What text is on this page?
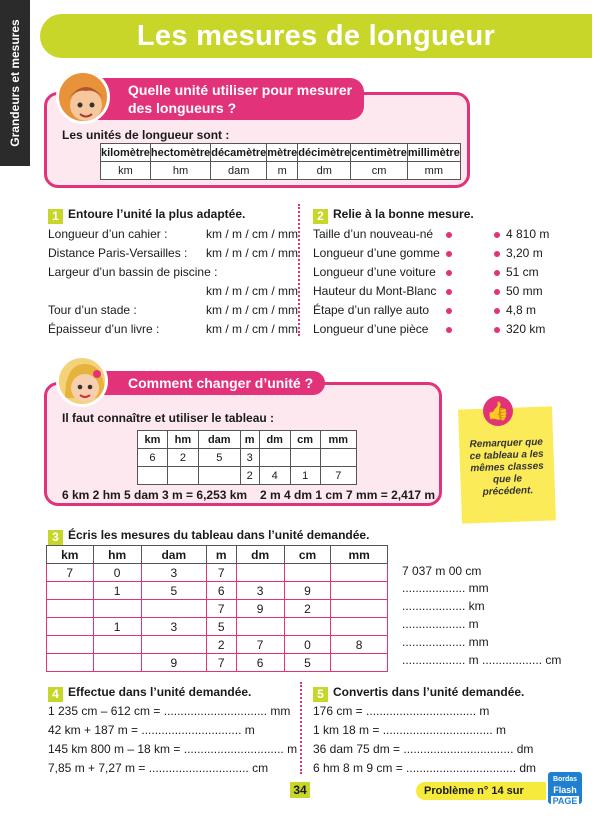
Grandeurs et mesures	Les mesures de longueur
Quelle unité utiliser pour mesurer
des longueurs ?
Les unités de longueur sont :
kilomètre	hectomètre	décamètre	mètre	décimètre	centimètre	millimètre
km	hm	dam	m	dm	cm	mm
1 Entoure l’unité la plus adaptée.
Longueur d’un cahier :	km / m / cm / mm
Distance Paris-Versailles : km / m / cm / mm
Largeur d’un bassin de piscine :
km / m / cm / mm
Tour d’un stade :	km / m / cm / mm
Épaisseur d’un livre :	km / m / cm / mm
2 Relie à la bonne mesure.
Taille d’un nouveau-né
Longueur d’une gomme
Longueur d’une voiture
Hauteur du Mont-Blanc
Étape d’un rallye auto
Longueur d’une pièce
4 810 m
3,20 m
51 cm
50 mm
4,8 m
320 km
Comment changer d’unité ?
Il faut connaître et utiliser le tableau :
km	hm	dam	m	dm	cm	mm
6	2	5	3			
			2	4	1	7
6 km 2 hm 5 dam 3 m = 6,253 km 2 m 4 dm 1 cm 7 mm = 2,417 m
Remarquer que ce tableau a les mêmes classes que le précédent.
👍
3 Écris les mesures du tableau dans l’unité demandée.
km	hm	dam	m	dm	cm	mm
7	0	3	7			
	1	5	6	3	9	
			7	9	2	
	1	3	5			
			2	7	0	8
		9	7	6	5	
7 037 m 00 cm
................... mm
................... km
................... m
................... mm
................... m .................. cm
4 Effectue dans l’unité demandée.
1 235 cm – 612 cm = ............................... mm
42 km + 187 m = .............................. m
145 km 800 m – 18 km = .............................. m
7,85 m + 7,27 m = .............................. cm
5 Convertis dans l’unité demandée.
176 cm = ................................. m
1 km 18 m = ................................. m
36 dam 75 dm = ................................. dm
6 hm 8 m 9 cm = ................................. dm
34	Problème n° 14 sur
Bordas
Flash
PAGE
